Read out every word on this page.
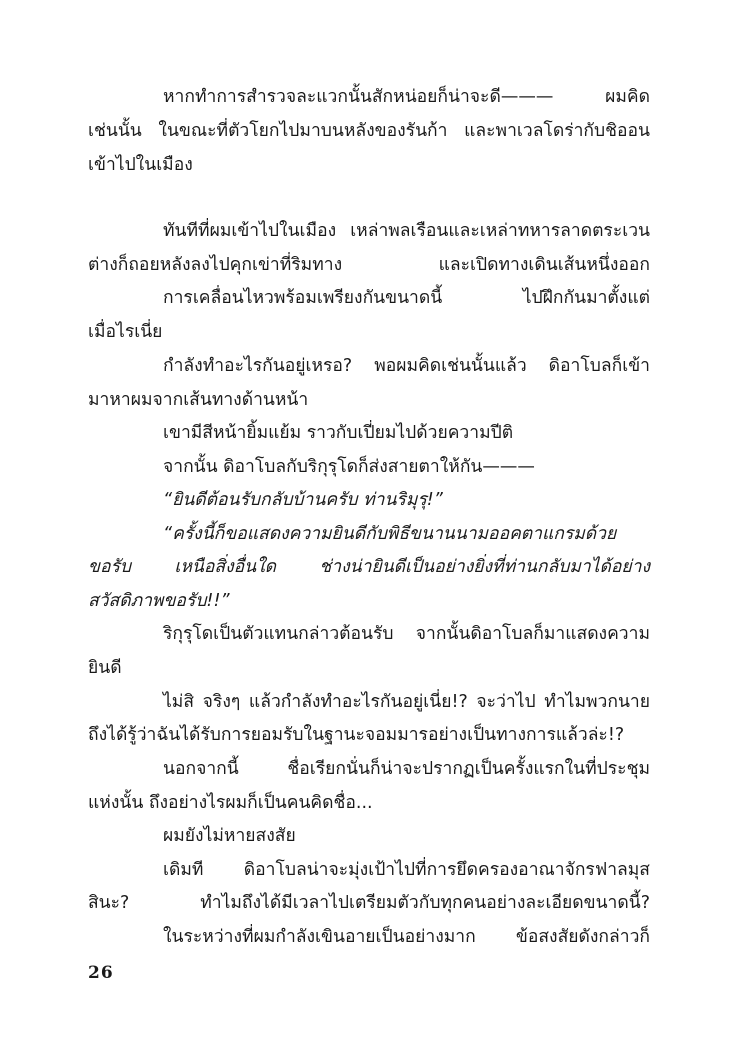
หากทำการสำรวจละแวกนั้นสักหน่อยก็น่าจะดี——— ผมคิด
เช่นนั้น ในขณะที่ตัวโยกไปมาบนหลังของรันก้า และพาเวลโดร่ากับชิออน
เข้าไปในเมือง
ทันทีที่ผมเข้าไปในเมือง เหล่าพลเรือนและเหล่าทหารลาดตระเวน
ต่างก็ถอยหลังลงไปคุกเข่าที่ริมทาง และเปิดทางเดินเส้นหนึ่งออก
การเคลื่อนไหวพร้อมเพรียงกันขนาดนี้ ไปฝึกกันมาตั้งแต่
เมื่อไรเนี่ย
กำลังทำอะไรกันอยู่เหรอ? พอผมคิดเช่นนั้นแล้ว ดิอาโบลก็เข้า
มาหาผมจากเส้นทางด้านหน้า
เขามีสีหน้ายิ้มแย้ม ราวกับเปี่ยมไปด้วยความปีติ
จากนั้น ดิอาโบลกับริกุรุโดก็ส่งสายตาให้กัน———
“ยินดีต้อนรับกลับบ้านครับ ท่านริมุรุ!”
“ครั้งนี้ก็ขอแสดงความยินดีกับพิธีขนานนามออคตาแกรมด้วย
ขอรับ เหนือสิ่งอื่นใด ช่างน่ายินดีเป็นอย่างยิ่งที่ท่านกลับมาได้อย่าง
สวัสดิภาพขอรับ!!”
ริกุรุโดเป็นตัวแทนกล่าวต้อนรับ จากนั้นดิอาโบลก็มาแสดงความ
ยินดี
ไม่สิ จริงๆ แล้วกำลังทำอะไรกันอยู่เนี่ย!? จะว่าไป ทำไมพวกนาย
ถึงได้รู้ว่าฉันได้รับการยอมรับในฐานะจอมมารอย่างเป็นทางการแล้วล่ะ!?
นอกจากนี้ ชื่อเรียกนั่นก็น่าจะปรากฏเป็นครั้งแรกในที่ประชุม
แห่งนั้น ถึงอย่างไรผมก็เป็นคนคิดชื่อ...
ผมยังไม่หายสงสัย
เดิมที ดิอาโบลน่าจะมุ่งเป้าไปที่การยึดครองอาณาจักรฟาลมุส
สินะ? ทำไมถึงได้มีเวลาไปเตรียมตัวกับทุกคนอย่างละเอียดขนาดนี้?
ในระหว่างที่ผมกำลังเขินอายเป็นอย่างมาก ข้อสงสัยดังกล่าวก็
26
